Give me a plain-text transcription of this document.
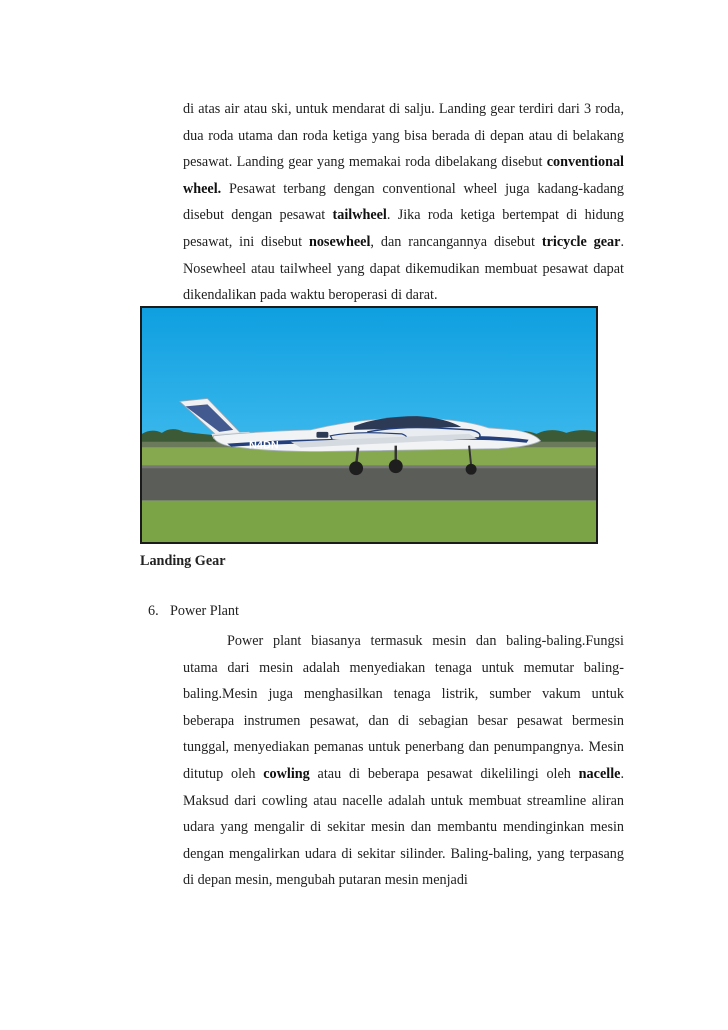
di atas air atau ski, untuk mendarat di salju. Landing gear terdiri dari 3 roda, dua roda utama dan roda ketiga yang bisa berada di depan atau di belakang pesawat. Landing gear yang memakai roda dibelakang disebut conventional wheel. Pesawat terbang dengan conventional wheel juga kadang-kadang disebut dengan pesawat tailwheel. Jika roda ketiga bertempat di hidung pesawat, ini disebut nosewheel, dan rancangannya disebut tricycle gear. Nosewheel atau tailwheel yang dapat dikemudikan membuat pesawat dapat dikendalikan pada waktu beroperasi di darat.

N4DN

Landing Gear

6. Power Plant

Power plant biasanya termasuk mesin dan baling-baling.Fungsi utama dari mesin adalah menyediakan tenaga untuk memutar baling-baling.Mesin juga menghasilkan tenaga listrik, sumber vakum untuk beberapa instrumen pesawat, dan di sebagian besar pesawat bermesin tunggal, menyediakan pemanas untuk penerbang dan penumpangnya. Mesin ditutup oleh cowling atau di beberapa pesawat dikelilingi oleh nacelle. Maksud dari cowling atau nacelle adalah untuk membuat streamline aliran udara yang mengalir di sekitar mesin dan membantu mendinginkan mesin dengan mengalirkan udara di sekitar silinder. Baling-baling, yang terpasang di depan mesin, mengubah putaran mesin menjadi
